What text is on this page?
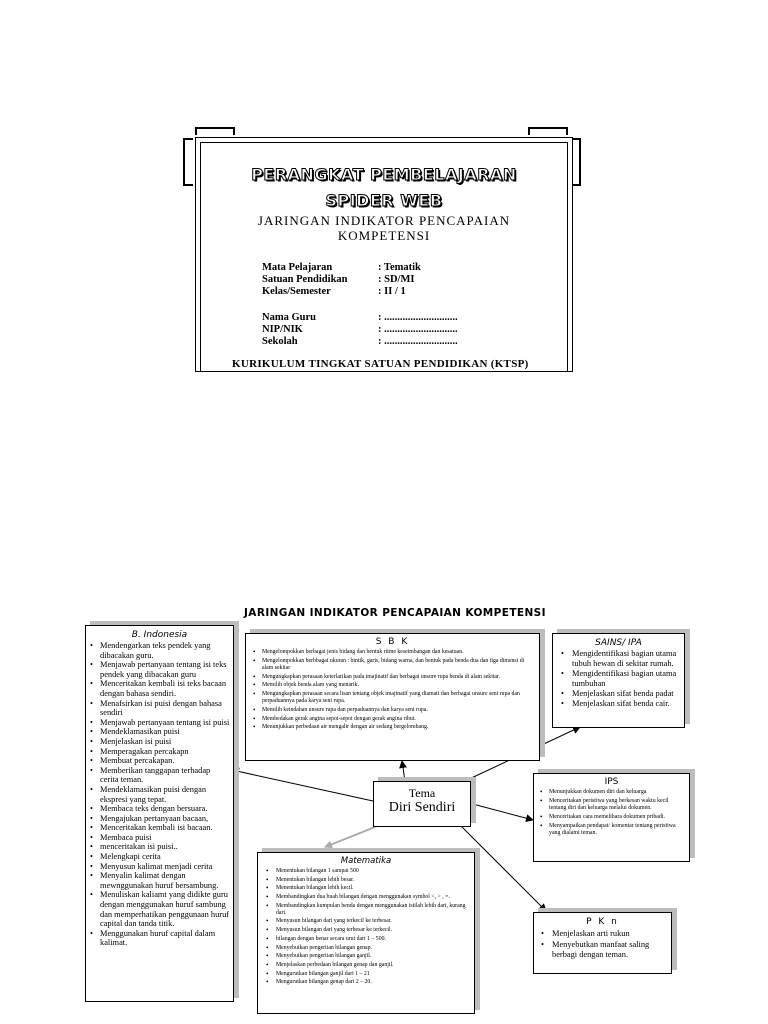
PERANGKAT PEMBELAJARAN
SPIDER WEB
JARINGAN INDIKATOR PENCAPAIAN
KOMPETENSI
Mata Pelajaran	: Tematik
Satuan Pendidikan	: SD/MI
Kelas/Semester	: II / 1
Nama Guru	: ............................
NIP/NIK	: ............................
Sekolah	: ............................
KURIKULUM TINGKAT SATUAN PENDIDIKAN (KTSP)
JARINGAN INDIKATOR PENCAPAIAN KOMPETENSI
B. Indonesia
• Mendengarkan teks pendek yang dibacakan guru.
• Menjawab pertanyaan tentang isi teks pendek yang dibacakan guru
• Menceritakan kembali isi teks bacaan dengan bahasa sendiri.
• Menafsirkan isi puisi dengan bahasa sendiri
• Menjawab pertanyaan tentang isi puisi
• Mendeklamasikan puisi
• Menjelaskan isi puisi
• Memperagakan percakapn
• Membuat percakapan.
• Memberikan tanggapan terhadap cerita teman.
• Mendeklamasikan puisi dengan ekspresi yang tepat.
• Membaca teks dengan bersuara.
• Mengajukan pertanyaan bacaan,
• Menceritakan kembali isi bacaan.
• Membaca puisi
• menceritakan isi puisi..
• Melengkapi cerita
• Menyusun kalimat menjadi cerita
• Menyalin kalimat dengan mewnggunakan huruf bersambung.
• Menuliskan kaliamt yang didikte guru dengan menggunakan huruf sambung dan memperhatikan penggunaan huruf capital dan tanda titik.
• Menggunakan huruf capital dalam kalimat.
S B K
• Mengelompokkan berbagai jenis bidang dan bentuk ritme keseimbangan dan kesatuan.
• Mengelompokkan berbbagai ukuran : bintik, garis, bidang warna, dan bentuk pada benda dua dan tiga dimensi di alam sekitar
• Mengungkapkan perasaan keterlarikan pada imajinatif dan berbagai unsure rupa benda di alam sekitar.
• Memilih objek benda alam yang menarik.
• Mengungkapkan perasaan secara lisan tentang objek imajinatif yang diamati dan berbagai unsure seni rupa dan perpaduannya pada karya seni rupa.
• Memilih keindahan unsure rupa dan perpaduannya dan karya seni rupa.
• Membedakan gerak angina sepoi-sepoi dengan gerak angina ribut.
• Menunjukkan perbedaan air mengalir dengan air sedang bergelombang.
SAINS/ IPA
• Mengidentifikasi bagian utama tubuh hewan di sekitar rumah.
• Mengidentifikasi bagian utama tumbuhan
• Menjelaskan sifat benda padat
• Menjelaskan sifat benda cair.
Tema
Diri Sendiri
IPS
• Menunjukkan dokumen diri dan keluarga
• Menceritakan peristiwa yang berkesan waktu kecil tentang diri dan keluarga melalui dokumen.
• Menceritakan cara memelihara dokumen pribadi.
• Menyampaikan pendapat/ komentar tentang peristiwa yang dialami teman.
Matematika
• Menentukan bilangan 1 sampai 500
• Menentukan bilangan lebih besar.
• Menentukan bilangan lebih kecil.
• Membandingkan dua buah bilangan dengan menggunakan symbol <, > , =.
• Membandingkan kumpulan benda dengan menggunakan istilah lebih dari, kurang dari.
• Menyusun bilangan dari yang terkecil ke terbesar.
• Menyusun bilangan dari yang terbesar ke terkecil.
• bilangan dengan benar secara urut dari 1 – 500.
• Menyebutkan pengertian bilangan genap.
• Menyebutkan pengertian bilangan ganjil.
• Menjelaskan perbedaan bilangan genap dan ganjil.
• Mengurutkan bilangan ganjil dari 1 – 21
• Mengurutkan bilangan genap dari 2 – 20.
P K n
• Menjelaskan arti rukun
• Menyebutkan manfaat saling berbagi dengan teman.
